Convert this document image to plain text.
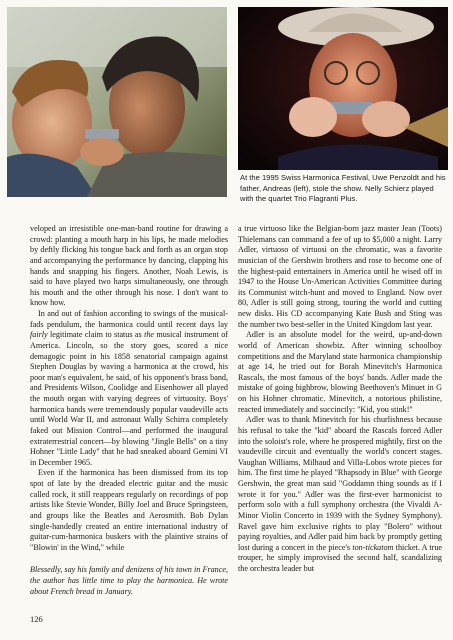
At the 1995 Swiss Harmonica Festival, Uwe Penzoldt and his father, Andreas (left), stole the show. Nelly Schierz played with the quartet Trio Flagranti Plus.

veloped an irresistible one-man-band routine for drawing a crowd: planting a mouth harp in his lips, he made melodies by deftly flicking his tongue back and forth as an organ stop and accompanying the performance by dancing, clapping his hands and snapping his fingers. Another, Noah Lewis, is said to have played two harps simultaneously, one through his mouth and the other through his nose. I don't want to know how.

In and out of fashion according to swings of the musical-fads pendulum, the harmonica could until recent days lay fairly legitimate claim to status as the musical instrument of America. Lincoln, so the story goes, scored a nice demagogic point in his 1858 senatorial campaign against Stephen Douglas by waving a harmonica at the crowd, his poor man's equivalent, he said, of his opponent's brass band, and Presidents Wilson, Coolidge and Eisenhower all played the mouth organ with varying degrees of virtuosity. Boys' harmonica bands were tremendously popular vaudeville acts until World War II, and astronaut Wally Schirra completely faked out Mission Control—and performed the inaugural extraterrestrial concert—by blowing "Jingle Bells" on a tiny Hohner "Little Lady" that he had sneaked aboard Gemini VI in December 1965.

Even if the harmonica has been dismissed from its top spot of late by the dreaded electric guitar and the music called rock, it still reappears regularly on recordings of pop artists like Stevie Wonder, Billy Joel and Bruce Springsteen, and groups like the Beatles and Aerosmith. Bob Dylan single-handedly created an entire international industry of guitar-cum-harmonica buskers with the plaintive strains of "Blowin' in the Wind," while

Blessedly, say his family and denizens of his town in France, the author has little time to play the harmonica. He wrote about French bread in January.

a true virtuoso like the Belgian-born jazz master Jean (Toots) Thielemans can command a fee of up to $5,000 a night. Larry Adler, virtuoso of virtuosi on the chromatic, was a favorite musician of the Gershwin brothers and rose to become one of the highest-paid entertainers in America until he wised off in 1947 to the House Un-American Activities Committee during its Communist witch-hunt and moved to England. Now over 80, Adler is still going strong, touring the world and cutting new disks. His CD accompanying Kate Bush and Sting was the number two best-seller in the United Kingdom last year.

Adler is an absolute model for the weird, up-and-down world of American showbiz. After winning schoolboy competitions and the Maryland state harmonica championship at age 14, he tried out for Borah Minevitch's Harmonica Rascals, the most famous of the boys' bands. Adler made the mistake of going highbrow, blowing Beethoven's Minuet in G on his Hohner chromatic. Minevitch, a notorious philistine, reacted immediately and succinctly: "Kid, you stink!"

Adler was to thank Minevitch for his churlishness because his refusal to take the "kid" aboard the Rascals forced Adler into the soloist's role, where he prospered mightily, first on the vaudeville circuit and eventually the world's concert stages. Vaughan Williams, Milhaud and Villa-Lobos wrote pieces for him. The first time he played "Rhapsody in Blue" with George Gershwin, the great man said "Goddamn thing sounds as if I wrote it for you." Adler was the first-ever harmonicist to perform solo with a full symphony orchestra (the Vivaldi A-Minor Violin Concerto in 1939 with the Sydney Symphony). Ravel gave him exclusive rights to play "Bolero" without paying royalties, and Adler paid him back by promptly getting lost during a concert in the piece's ton-tickatom thicket. A true trouper, he simply improvised the second half, scandalizing the orchestra leader but

126
